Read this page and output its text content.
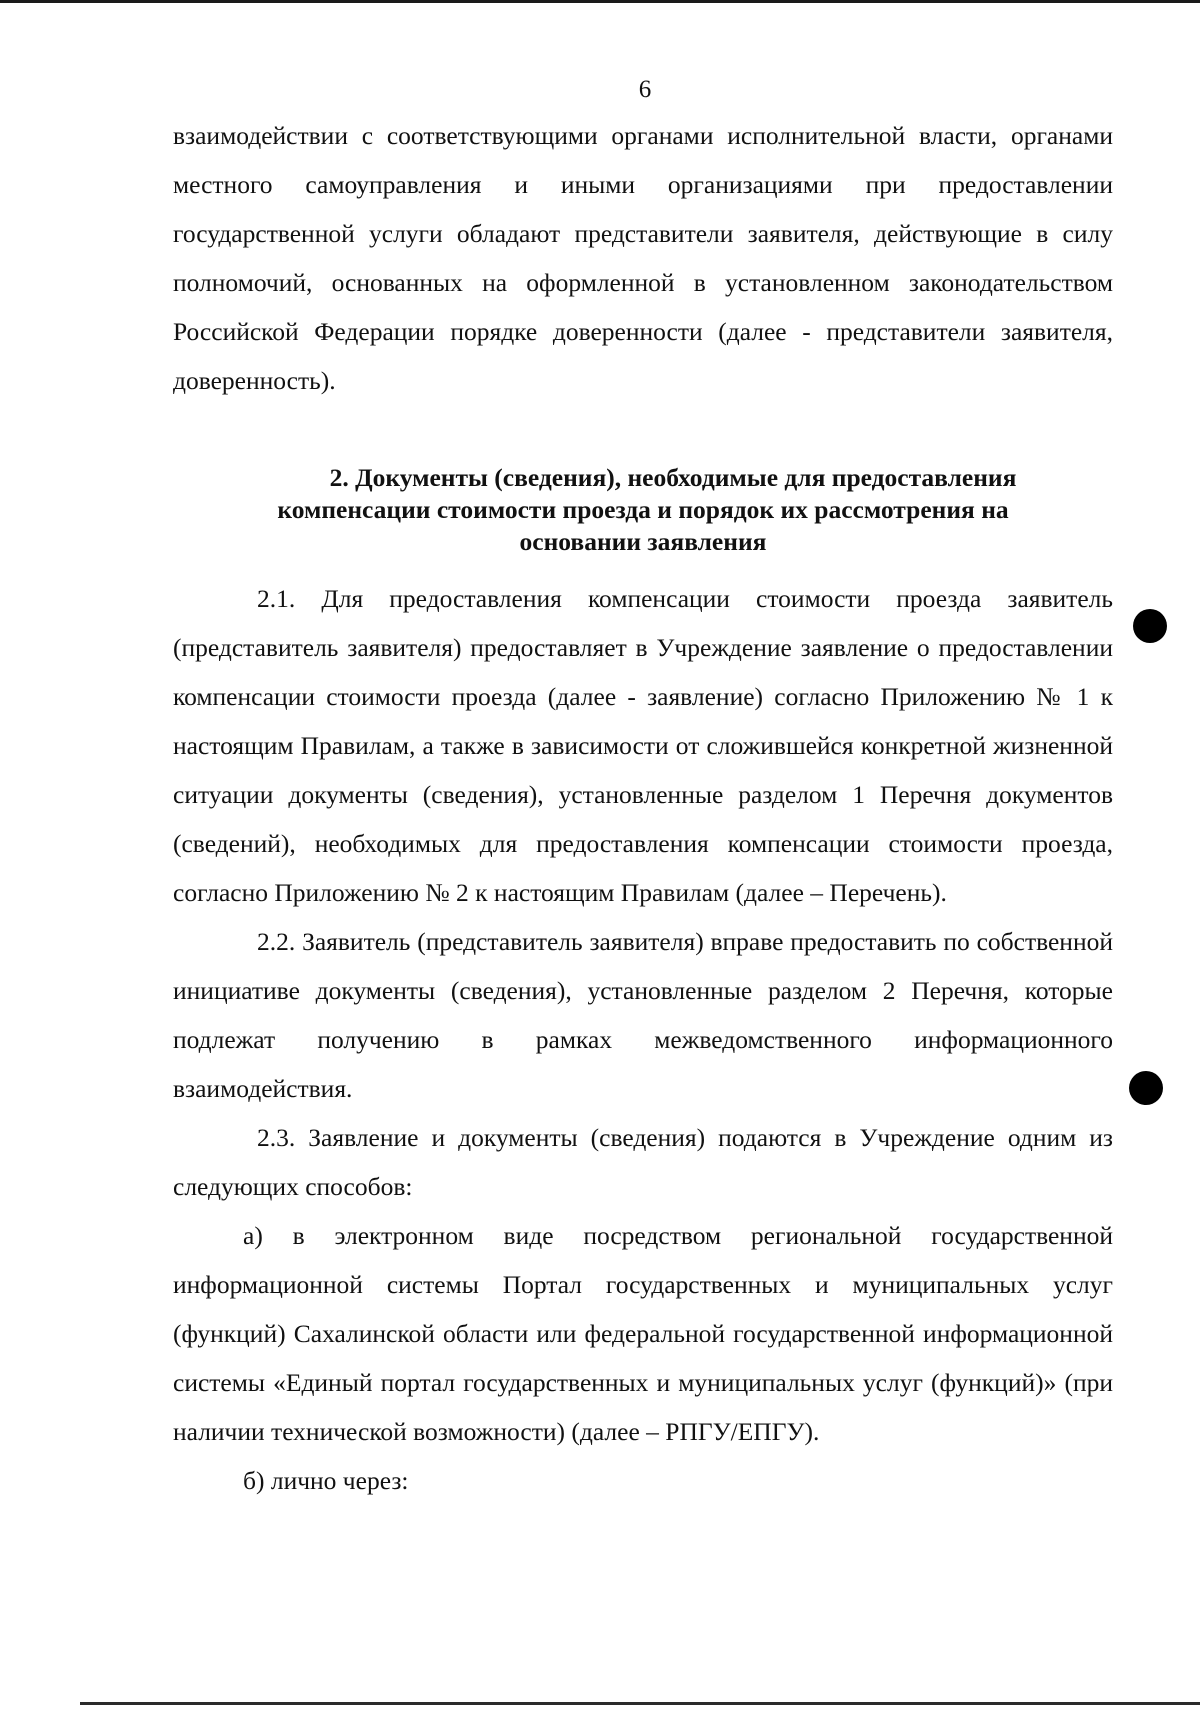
6

взаимодействии с соответствующими органами исполнительной власти, органами местного самоуправления и иными организациями при предоставлении государственной услуги обладают представители заявителя, действующие в силу полномочий, основанных на оформленной в установленном законодательством Российской Федерации порядке доверенности (далее - представители заявителя, доверенность).

2. Документы (сведения), необходимые для предоставления
компенсации стоимости проезда и порядок их рассмотрения на
основании заявления

2.1. Для предоставления компенсации стоимости проезда заявитель (представитель заявителя) предоставляет в Учреждение заявление о предоставлении компенсации стоимости проезда (далее - заявление) согласно Приложению № 1 к настоящим Правилам, а также в зависимости от сложившейся конкретной жизненной ситуации документы (сведения), установленные разделом 1 Перечня документов (сведений), необходимых для предоставления компенсации стоимости проезда, согласно Приложению № 2 к настоящим Правилам (далее – Перечень).

2.2. Заявитель (представитель заявителя) вправе предоставить по собственной инициативе документы (сведения), установленные разделом 2 Перечня, которые подлежат получению в рамках межведомственного информационного взаимодействия.

2.3. Заявление и документы (сведения) подаются в Учреждение одним из следующих способов:

а) в электронном виде посредством региональной государственной информационной системы Портал государственных и муниципальных услуг (функций) Сахалинской области или федеральной государственной информационной системы «Единый портал государственных и муниципальных услуг (функций)» (при наличии технической возможности) (далее – РПГУ/ЕПГУ).

б) лично через:
